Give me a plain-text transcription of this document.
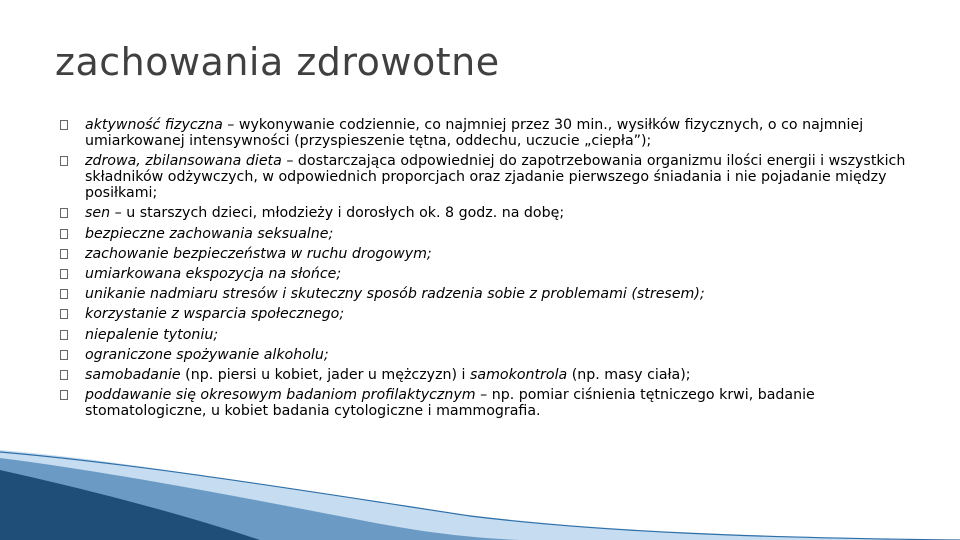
zachowania zdrowotne
aktywność fizyczna – wykonywanie codziennie, co najmniej przez 30 min., wysiłków fizycznych, o co najmniej umiarkowanej intensywności (przyspieszenie tętna, oddechu, uczucie „ciepła”);
zdrowa, zbilansowana dieta – dostarczająca odpowiedniej do zapotrzebowania organizmu ilości energii i wszystkich składników odżywczych, w odpowiednich proporcjach oraz zjadanie pierwszego śniadania i nie pojadanie między posiłkami;
sen – u starszych dzieci, młodzieży i dorosłych ok. 8 godz. na dobę;
bezpieczne zachowania seksualne;
zachowanie bezpieczeństwa w ruchu drogowym;
umiarkowana ekspozycja na słońce;
unikanie nadmiaru stresów i skuteczny sposób radzenia sobie z problemami (stresem);
korzystanie z wsparcia społecznego;
niepalenie tytoniu;
ograniczone spożywanie alkoholu;
samobadanie (np. piersi u kobiet, jader u mężczyzn) i samokontrola (np. masy ciała);
poddawanie się okresowym badaniom profilaktycznym – np. pomiar ciśnienia tętniczego krwi, badanie stomatologiczne, u kobiet badania cytologiczne i mammografia.
